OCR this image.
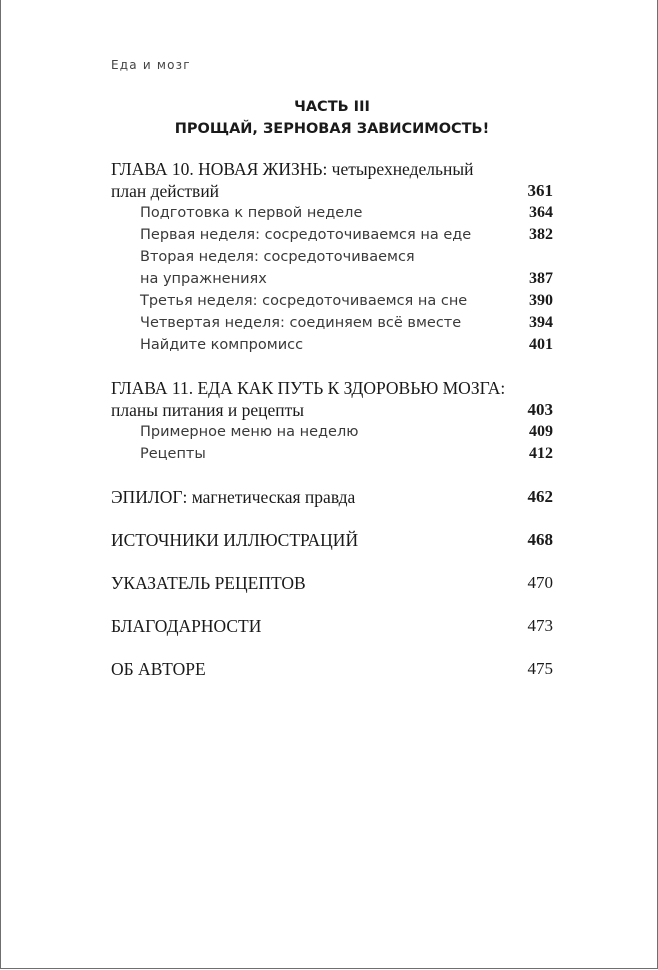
Еда и мозг
ЧАСТЬ III
ПРОЩАЙ, ЗЕРНОВАЯ ЗАВИСИМОСТЬ!
ГЛАВА 10. НОВАЯ ЖИЗНЬ: четырехнедельный
план действий	361
Подготовка к первой неделе	364
Первая неделя: сосредоточиваемся на еде	382
Вторая неделя: сосредоточиваемся
на упражнениях	387
Третья неделя: сосредоточиваемся на сне	390
Четвертая неделя: соединяем всё вместе	394
Найдите компромисс	401
ГЛАВА 11. ЕДА КАК ПУТЬ К ЗДОРОВЬЮ МОЗГА:
планы питания и рецепты	403
Примерное меню на неделю	409
Рецепты	412
ЭПИЛОГ: магнетическая правда	462
ИСТОЧНИКИ ИЛЛЮСТРАЦИЙ	468
УКАЗАТЕЛЬ РЕЦЕПТОВ	470
БЛАГОДАРНОСТИ	473
ОБ АВТОРЕ	475
